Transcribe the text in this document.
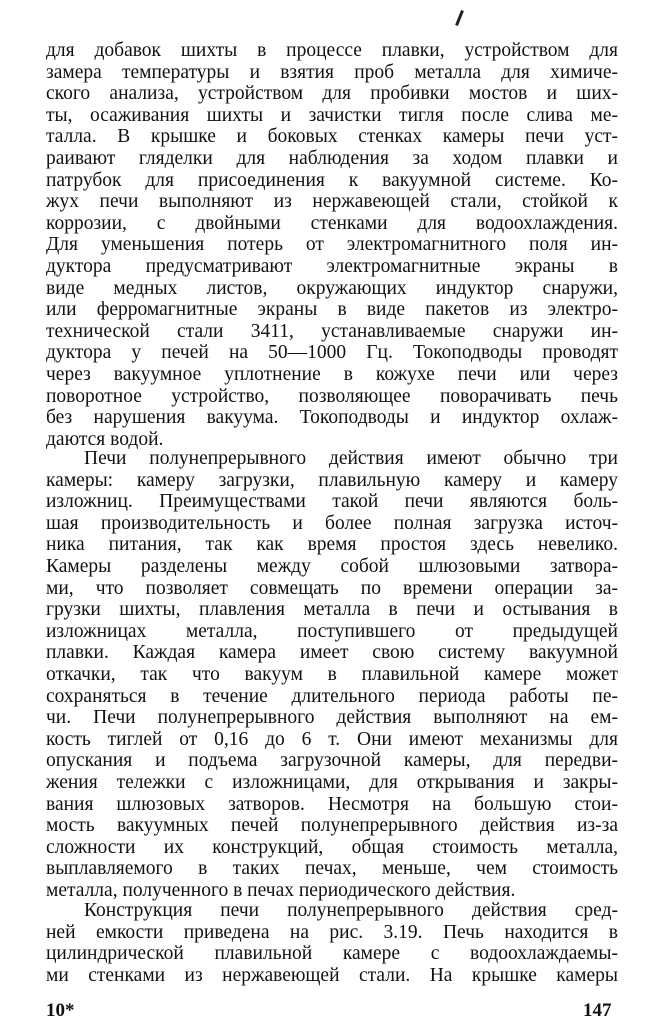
для добавок шихты в процессе плавки, устройством для
замера температуры и взятия проб металла для химиче-
ского анализа, устройством для пробивки мостов и ших-
ты, осаживания шихты и зачистки тигля после слива ме-
талла. В крышке и боковых стенках камеры печи уст-
раивают гляделки для наблюдения за ходом плавки и
патрубок для присоединения к вакуумной системе. Ко-
жух печи выполняют из нержавеющей стали, стойкой к
коррозии, с двойными стенками для водоохлаждения.
Для уменьшения потерь от электромагнитного поля ин-
дуктора предусматривают электромагнитные экраны в
виде медных листов, окружающих индуктор снаружи,
или ферромагнитные экраны в виде пакетов из электро-
технической стали 3411, устанавливаемые снаружи ин-
дуктора у печей на 50—1000 Гц. Токоподводы проводят
через вакуумное уплотнение в кожухе печи или через
поворотное устройство, позволяющее поворачивать печь
без нарушения вакуума. Токоподводы и индуктор охлаж-
даются водой.
Печи полунепрерывного действия имеют обычно три
камеры: камеру загрузки, плавильную камеру и камеру
изложниц. Преимуществами такой печи являются боль-
шая производительность и более полная загрузка источ-
ника питания, так как время простоя здесь невелико.
Камеры разделены между собой шлюзовыми затвора-
ми, что позволяет совмещать по времени операции за-
грузки шихты, плавления металла в печи и остывания в
изложницах металла, поступившего от предыдущей
плавки. Каждая камера имеет свою систему вакуумной
откачки, так что вакуум в плавильной камере может
сохраняться в течение длительного периода работы пе-
чи. Печи полунепрерывного действия выполняют на ем-
кость тиглей от 0,16 до 6 т. Они имеют механизмы для
опускания и подъема загрузочной камеры, для передви-
жения тележки с изложницами, для открывания и закры-
вания шлюзовых затворов. Несмотря на большую стои-
мость вакуумных печей полунепрерывного действия из-за
сложности их конструкций, общая стоимость металла,
выплавляемого в таких печах, меньше, чем стоимость
металла, полученного в печах периодического действия.
Конструкция печи полунепрерывного действия сред-
ней емкости приведена на рис. 3.19. Печь находится в
цилиндрической плавильной камере с водоохлаждаемы-
ми стенками из нержавеющей стали. На крышке камеры
10*	147
